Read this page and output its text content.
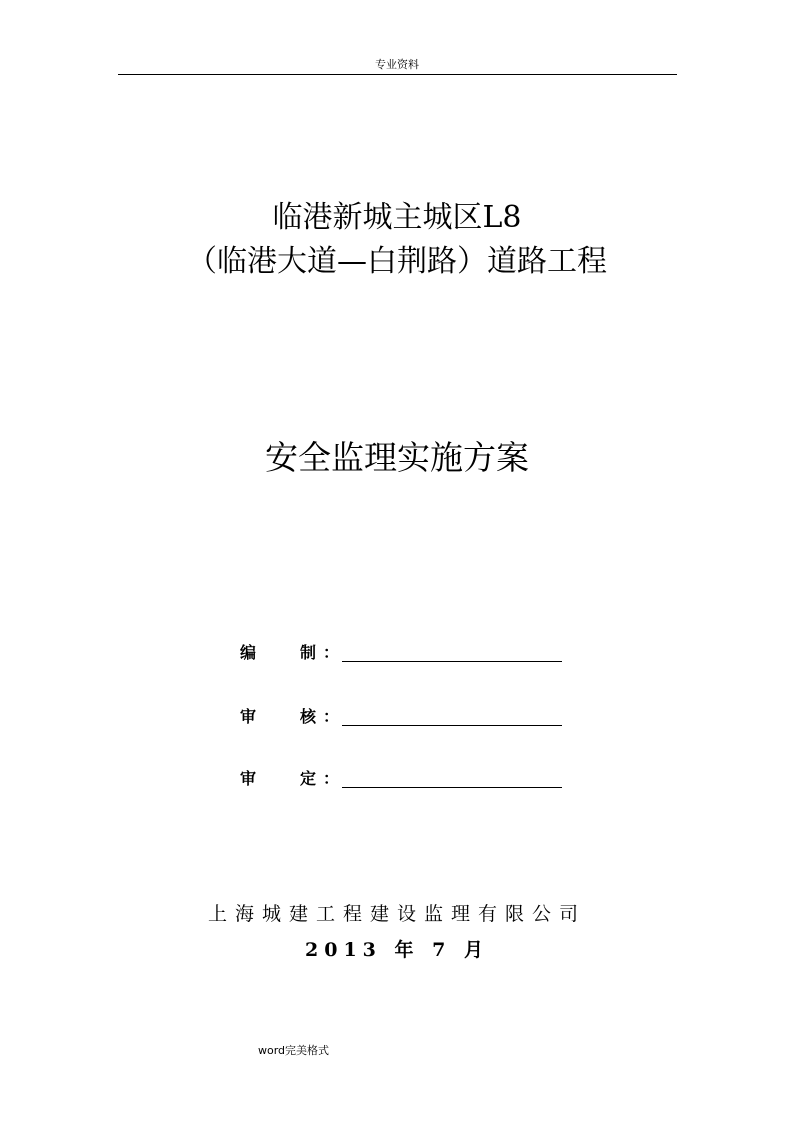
专业资料
临港新城主城区L8
（临港大道—白荆路）道路工程
安全监理实施方案
编	制 ：
审	核 ：
审	定 ：
上海城建工程建设监理有限公司
2013 年 7 月
word完美格式
